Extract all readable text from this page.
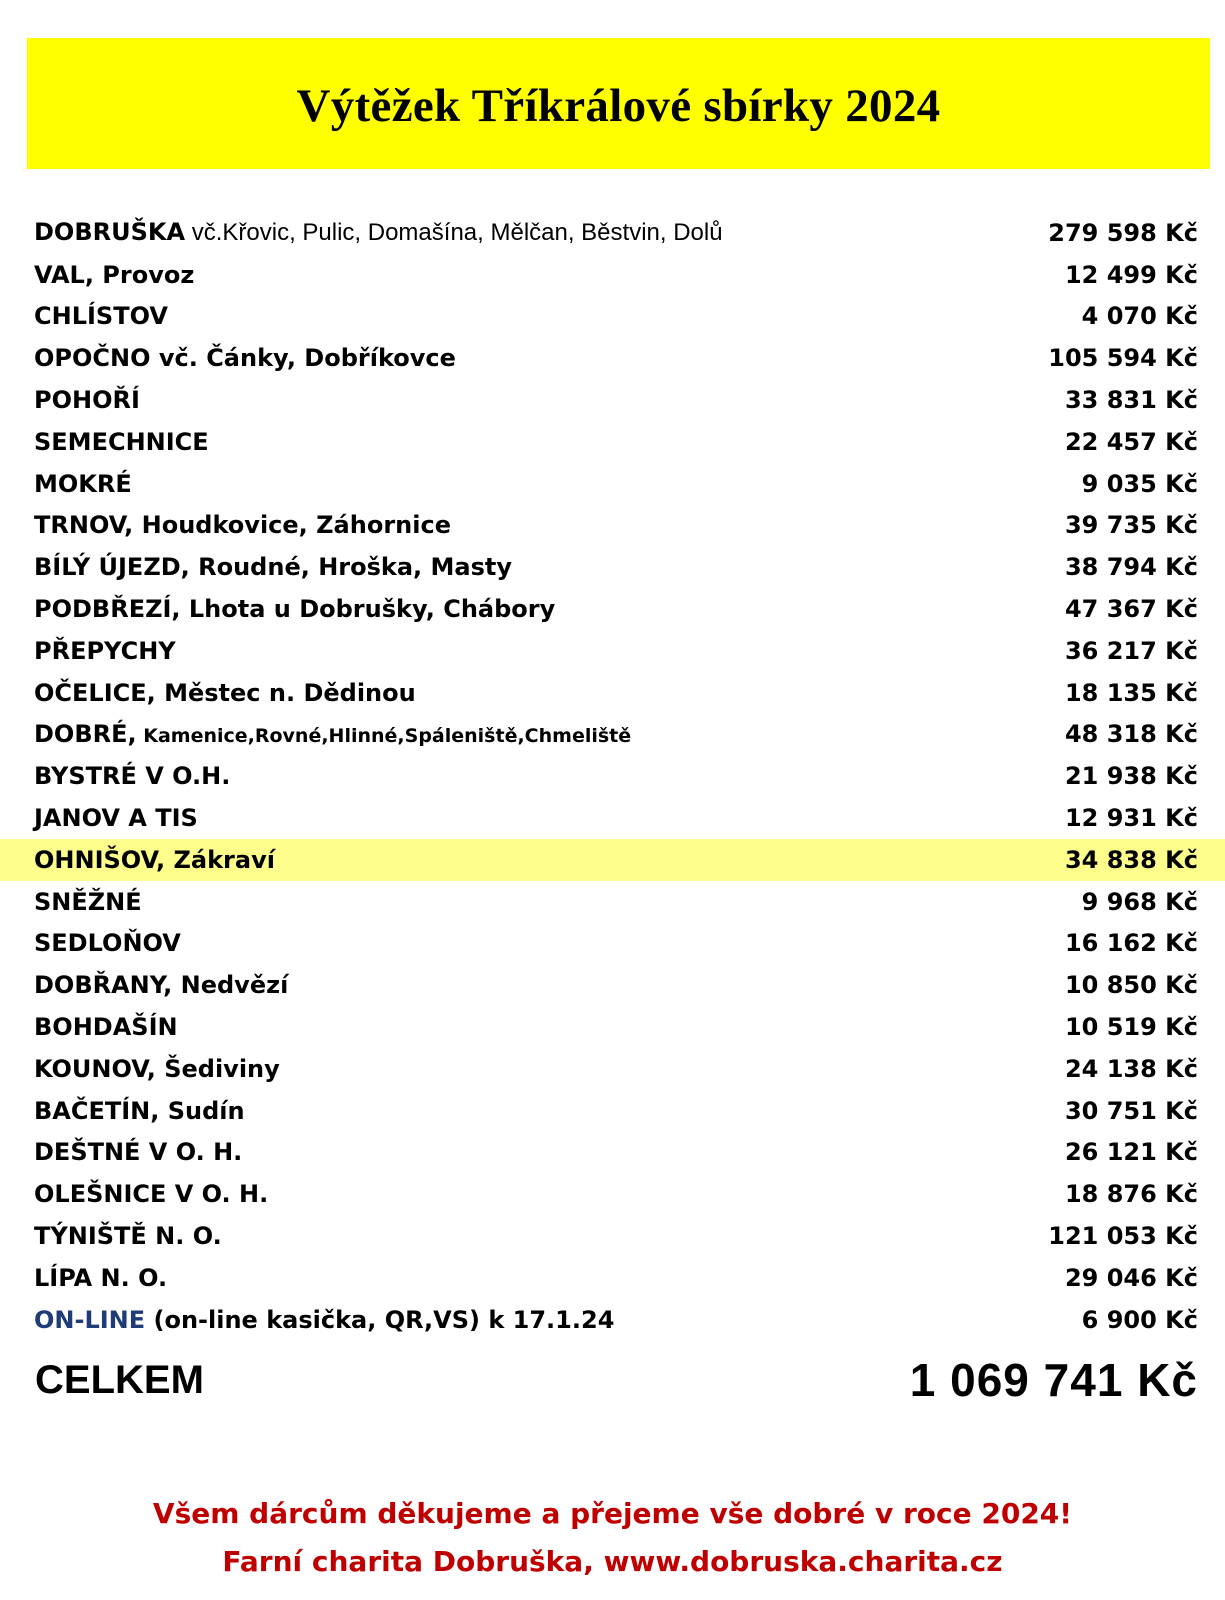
Výtěžek Tříkrálové sbírky 2024
DOBRUŠKA vč.Křovic, Pulic, Domašína, Mělčan, Běstvin, Dolů	279 598 Kč
VAL, Provoz	12 499 Kč
CHLÍSTOV	4 070 Kč
OPOČNO vč. Čánky, Dobříkovce	105 594 Kč
POHOŘÍ	33 831 Kč
SEMECHNICE	22 457 Kč
MOKRÉ	9 035 Kč
TRNOV, Houdkovice, Záhornice	39 735 Kč
BÍLÝ ÚJEZD, Roudné, Hroška, Masty	38 794 Kč
PODBŘEZÍ, Lhota u Dobrušky, Chábory	47 367 Kč
PŘEPYCHY	36 217 Kč
OČELICE, Městec n. Dědinou	18 135 Kč
DOBRÉ, Kamenice,Rovné,Hlinné,Spáleniště,Chmeliště	48 318 Kč
BYSTRÉ V O.H.	21 938 Kč
JANOV A TIS	12 931 Kč
OHNIŠOV, Zákraví	34 838 Kč
SNĚŽNÉ	9 968 Kč
SEDLOŇOV	16 162 Kč
DOBŘANY, Nedvězí	10 850 Kč
BOHDAŠÍN	10 519 Kč
KOUNOV, Šediviny	24 138 Kč
BAČETÍN, Sudín	30 751 Kč
DEŠTNÉ V O. H.	26 121 Kč
OLEŠNICE V O. H.	18 876 Kč
TÝNIŠTĚ N. O.	121 053 Kč
LÍPA N. O.	29 046 Kč
ON-LINE (on-line kasička, QR,VS) k 17.1.24	6 900 Kč
CELKEM	1 069 741 Kč
Všem dárcům děkujeme a přejeme vše dobré v roce 2024!
Farní charita Dobruška, www.dobruska.charita.cz
